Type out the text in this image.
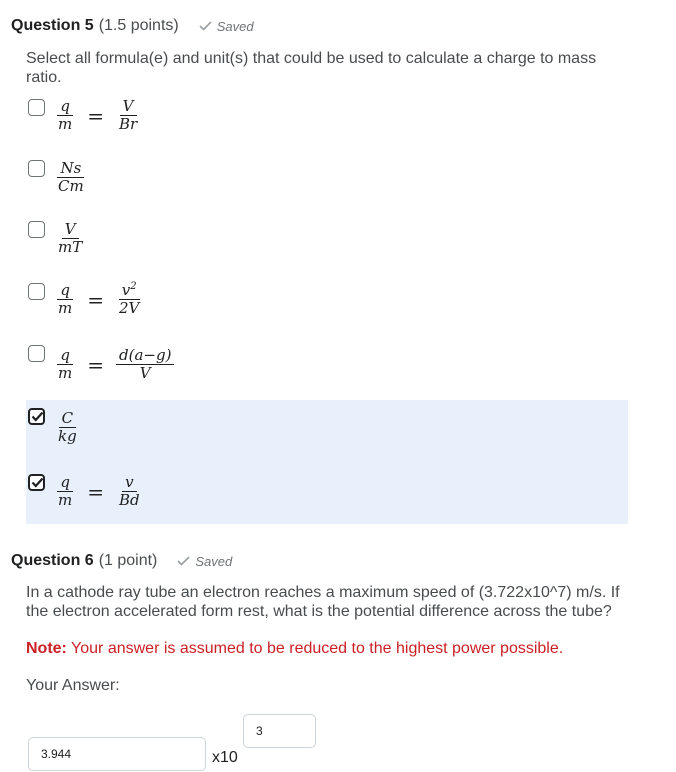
Question 5 (1.5 points)	Saved
Select all formula(e) and unit(s) that could be used to calculate a charge to mass ratio.
$\frac{q}{m} = \frac{V}{Br}$
$\frac{Ns}{Cm}$
$\frac{V}{mT}$
$\frac{q}{m} = \frac{v^2}{2V}$
$\frac{q}{m} = \frac{d(a-g)}{V}$
$\frac{C}{kg}$
$\frac{q}{m} = \frac{v}{Bd}$
Question 6 (1 point)	Saved
In a cathode ray tube an electron reaches a maximum speed of (3.722x10^7) m/s. If the electron accelerated form rest, what is the potential difference across the tube?
Note: Your answer is assumed to be reduced to the highest power possible.
Your Answer:
3
3.944
x10
